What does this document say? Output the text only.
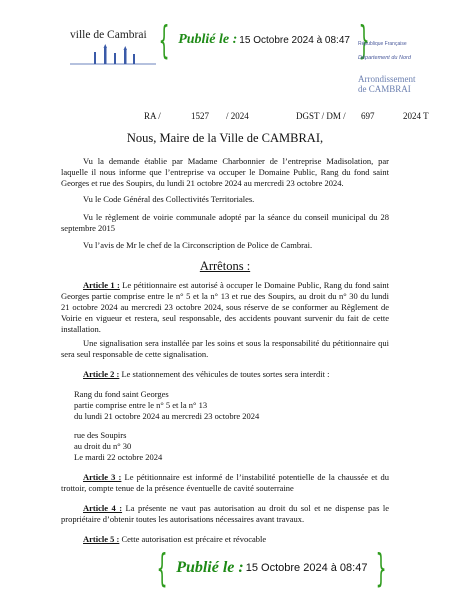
ville de Cambrai { Publié le : 15 Octobre 2024 à 08:47 }
République Française
Département du Nord
Arrondissement
de CAMBRAI
RA /	1527 / 2024	DGST / DM / 697	2024 T
Nous, Maire de la Ville de CAMBRAI,

Vu la demande établie par Madame Charbonnier de l’entreprise Madisolation, par laquelle il nous informe que l’entreprise va occuper le Domaine Public, Rang du fond saint Georges et rue des Soupirs, du lundi 21 octobre 2024 au mercredi 23 octobre 2024.

Vu le Code Général des Collectivités Territoriales.

Vu le règlement de voirie communale adopté par la séance du conseil municipal du 28 septembre 2015

Vu l’avis de Mr le chef de la Circonscription de Police de Cambrai.

Arrêtons :

Article 1 : Le pétitionnaire est autorisé à occuper le Domaine Public, Rang du fond saint Georges partie comprise entre le n° 5 et la n° 13 et rue des Soupirs, au droit du n° 30 du lundi 21 octobre 2024 au mercredi 23 octobre 2024, sous réserve de se conformer au Règlement de Voirie en vigueur et restera, seul responsable, des accidents pouvant survenir du fait de cette installation.

Une signalisation sera installée par les soins et sous la responsabilité du pétitionnaire qui sera seul responsable de cette signalisation.

Article 2 : Le stationnement des véhicules de toutes sortes sera interdit :

Rang du fond saint Georges
partie comprise entre le n° 5 et la n° 13
du lundi 21 octobre 2024 au mercredi 23 octobre 2024
rue des Soupirs
au droit du n° 30
Le mardi 22 octobre 2024

Article 3 : Le pétitionnaire est informé de l’instabilité potentielle de la chaussée et du trottoir, compte tenue de la présence éventuelle de cavité souterraine

Article 4 : La présente ne vaut pas autorisation au droit du sol et ne dispense pas le propriétaire d’obtenir toutes les autorisations nécessaires avant travaux.

Article 5 : Cette autorisation est précaire et révocable

{ Publié le : 15 Octobre 2024 à 08:47 }
